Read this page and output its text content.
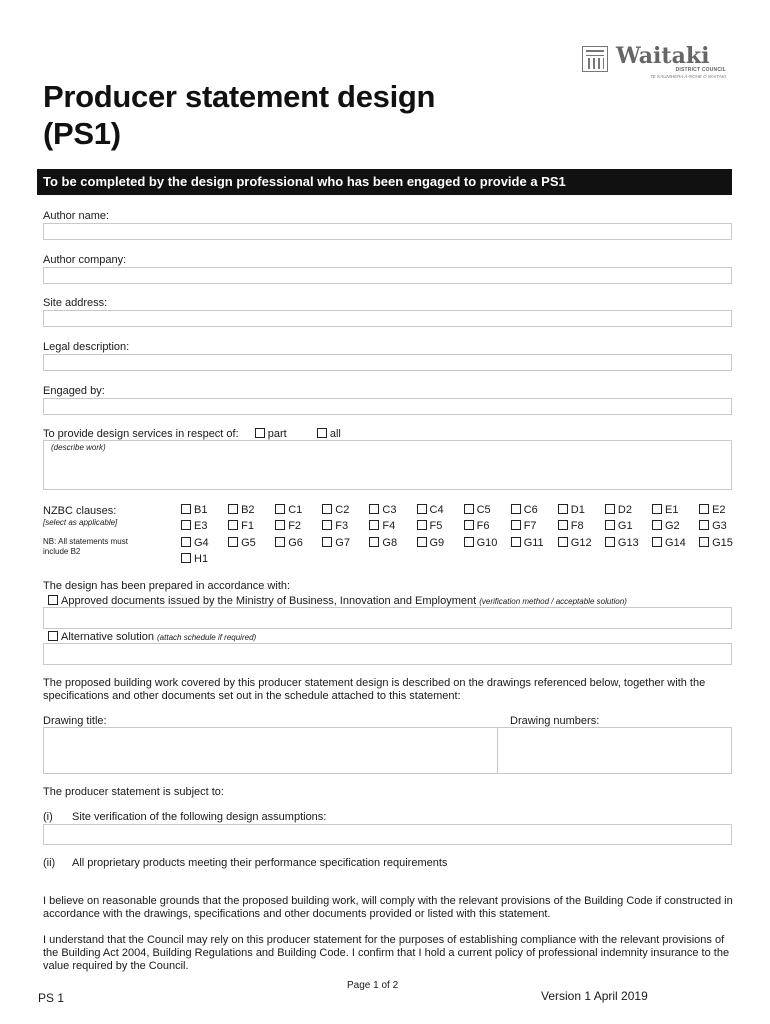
Waitaki
DISTRICT COUNCIL
TE KAUNIHERA Ā-ROHE O WAITAKI
Producer statement design
(PS1)
To be completed by the design professional who has been engaged to provide a PS1
Author name:
Author company:
Site address:
Legal description:
Engaged by:
To provide design services in respect of:	part	all
(describe work)
NZBC clauses:
[select as applicable]
NB: All statements must
include B2
B1	B2	C1	C2	C3	C4	C5	C6	D1	D2	E1	E2
E3	F1	F2	F3	F4	F5	F6	F7	F8	G1	G2	G3
G4	G5	G6	G7	G8	G9	G10	G11	G12	G13	G14	G15
H1
The design has been prepared in accordance with:
Approved documents issued by the Ministry of Business, Innovation and Employment (verification method / acceptable solution)
Alternative solution (attach schedule if required)
The proposed building work covered by this producer statement design is described on the drawings referenced below, together with the specifications and other documents set out in the schedule attached to this statement:
Drawing title:	Drawing numbers:
The producer statement is subject to:
(i) Site verification of the following design assumptions:
(ii) All proprietary products meeting their performance specification requirements
I believe on reasonable grounds that the proposed building work, will comply with the relevant provisions of the Building Code if constructed in accordance with the drawings, specifications and other documents provided or listed with this statement.
I understand that the Council may rely on this producer statement for the purposes of establishing compliance with the relevant provisions of the Building Act 2004, Building Regulations and Building Code. I confirm that I hold a current policy of professional indemnity insurance to the value required by the Council.
PS 1
Page 1 of 2
Version 1 April 2019
